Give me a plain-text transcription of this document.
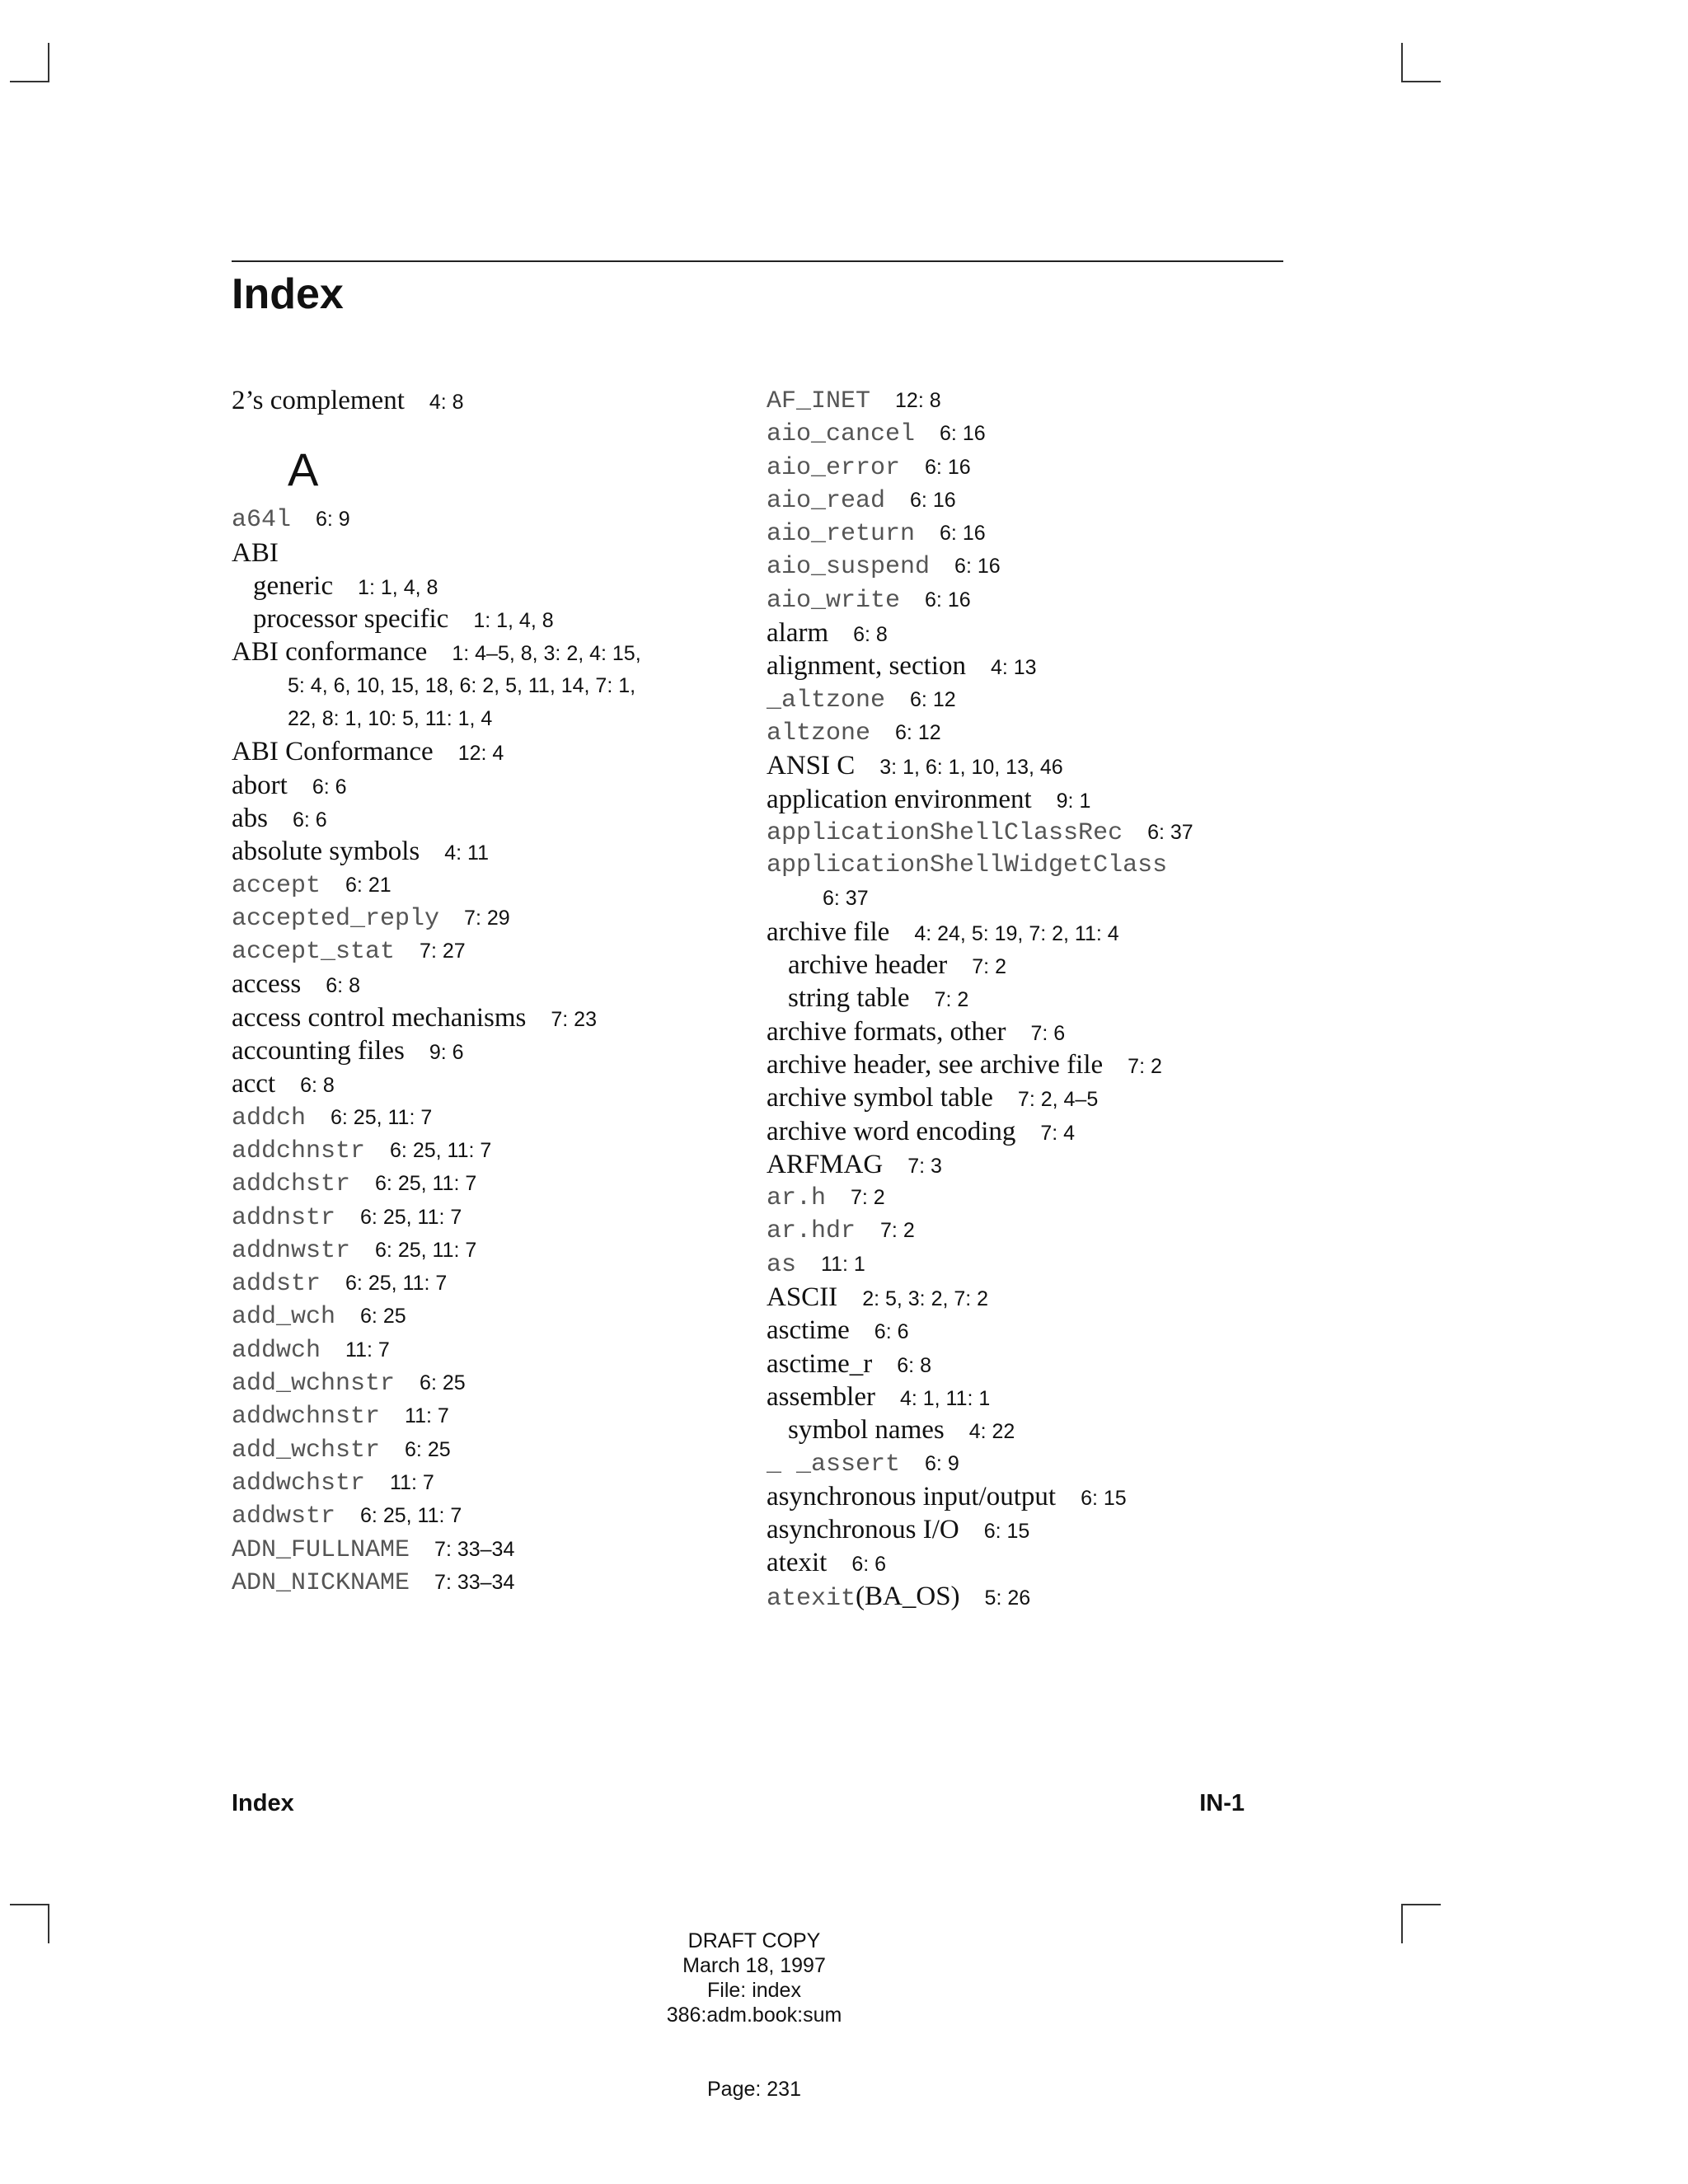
Index
2’s complement 4: 8
A
a64l 6: 9
ABI
generic 1: 1, 4, 8
processor specific 1: 1, 4, 8
ABI conformance 1: 4–5, 8, 3: 2, 4: 15,
5: 4, 6, 10, 15, 18, 6: 2, 5, 11, 14, 7: 1,
22, 8: 1, 10: 5, 11: 1, 4
ABI Conformance 12: 4
abort 6: 6
abs 6: 6
absolute symbols 4: 11
accept 6: 21
accepted_reply 7: 29
accept_stat 7: 27
access 6: 8
access control mechanisms 7: 23
accounting files 9: 6
acct 6: 8
addch 6: 25, 11: 7
addchnstr 6: 25, 11: 7
addchstr 6: 25, 11: 7
addnstr 6: 25, 11: 7
addnwstr 6: 25, 11: 7
addstr 6: 25, 11: 7
add_wch 6: 25
addwch 11: 7
add_wchnstr 6: 25
addwchnstr 11: 7
add_wchstr 6: 25
addwchstr 11: 7
addwstr 6: 25, 11: 7
ADN_FULLNAME 7: 33–34
ADN_NICKNAME 7: 33–34
AF_INET 12: 8
aio_cancel 6: 16
aio_error 6: 16
aio_read 6: 16
aio_return 6: 16
aio_suspend 6: 16
aio_write 6: 16
alarm 6: 8
alignment, section 4: 13
_altzone 6: 12
altzone 6: 12
ANSI C 3: 1, 6: 1, 10, 13, 46
application environment 9: 1
applicationShellClassRec 6: 37
applicationShellWidgetClass
6: 37
archive file 4: 24, 5: 19, 7: 2, 11: 4
archive header 7: 2
string table 7: 2
archive formats, other 7: 6
archive header, see archive file 7: 2
archive symbol table 7: 2, 4–5
archive word encoding 7: 4
ARFMAG 7: 3
ar.h 7: 2
ar.hdr 7: 2
as 11: 1
ASCII 2: 5, 3: 2, 7: 2
asctime 6: 6
asctime_r 6: 8
assembler 4: 1, 11: 1
symbol names 4: 22
_ _assert 6: 9
asynchronous input/output 6: 15
asynchronous I/O 6: 15
atexit 6: 6
atexit(BA_OS) 5: 26
Index	IN-1
DRAFT COPY
March 18, 1997
File: index
386:adm.book:sum
Page: 231
